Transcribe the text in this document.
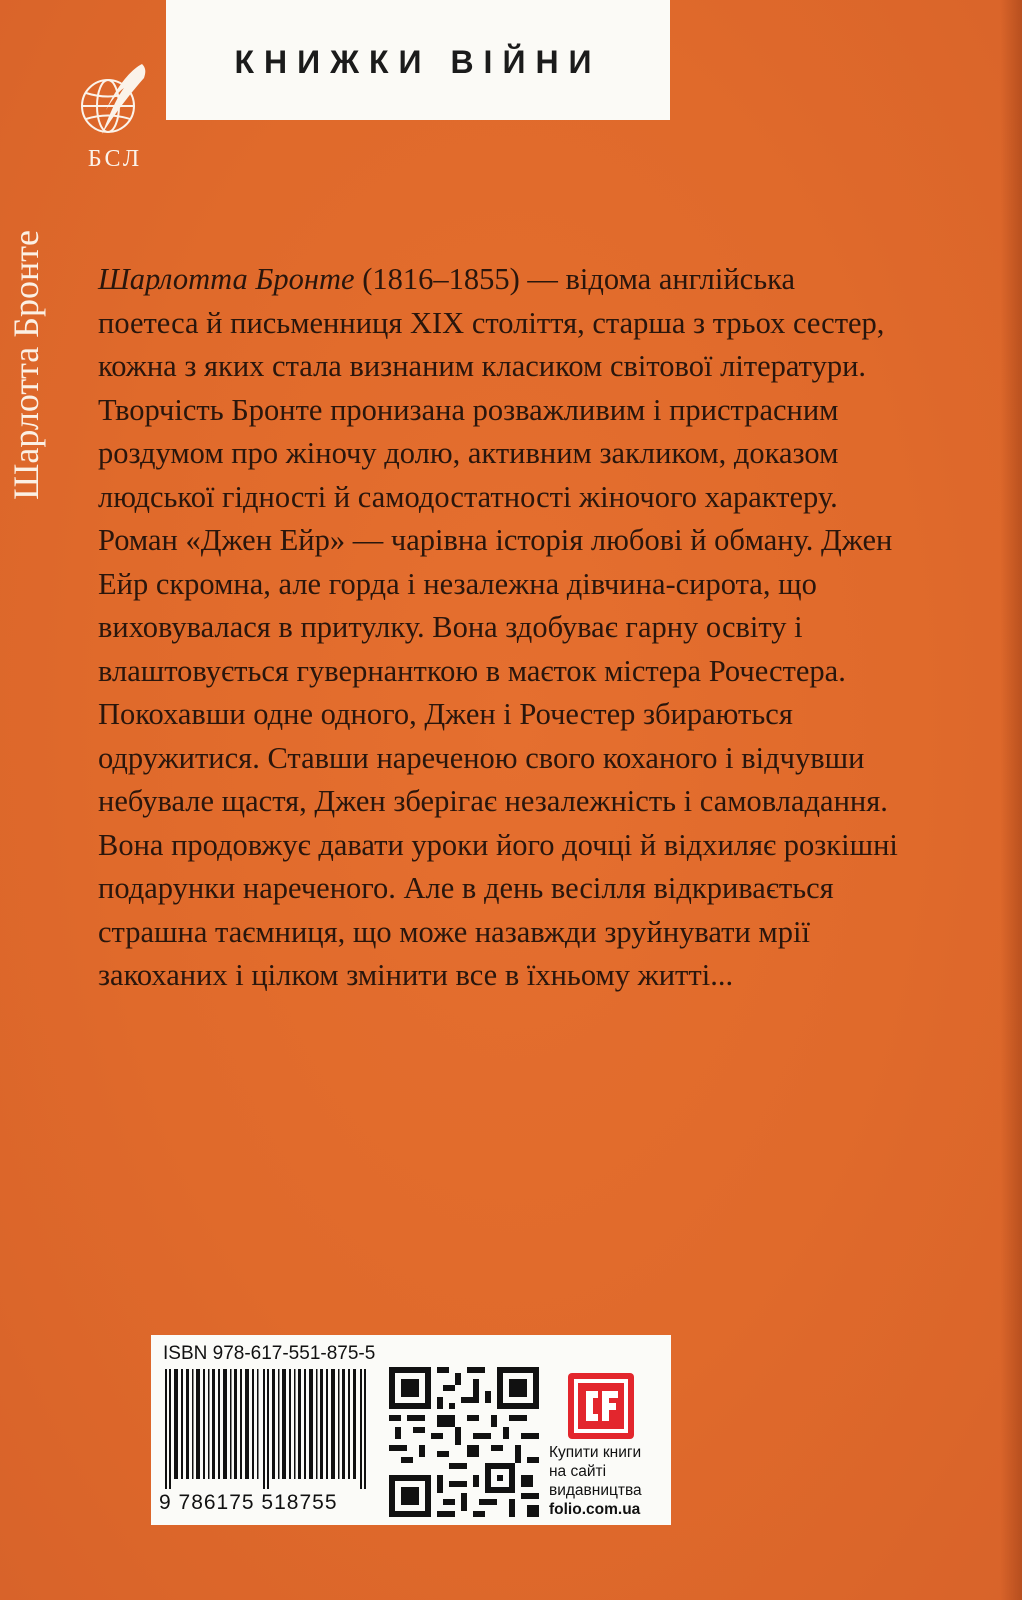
КНИЖКИ ВІЙНИ
БСЛ
Шарлотта Бронте Шарлотта Бронте (1816–1855) — відома англійська поетеса й письменниця XIX століття, старша з трьох сестер, кожна з яких стала визнаним класиком світової літератури. Творчість Бронте пронизана розважливим і пристрасним роздумом про жіночу долю, активним закликом, доказом людської гідності й самодостатності жіночого характеру.

Роман «Джен Ейр» — чарівна історія любові й обману. Джен Ейр скромна, але горда і незалежна дівчина-сирота, що виховувалася в притулку. Вона здобуває гарну освіту і влаштовується гувернанткою в маєток містера Рочестера. Покохавши одне одного, Джен і Рочестер збираються одружитися. Ставши нареченою свого коханого і відчувши небувале щастя, Джен зберігає незалежність і самовладання. Вона продовжує давати уроки його дочці й відхиляє розкішні подарунки нареченого. Але в день весілля відкривається страшна таємниця, що може назавжди зруйнувати мрії закоханих і цілком змінити все в їхньому житті...

ISBN 978-617-551-875-5
9 786175 518755
Купити книги
на сайті
видавництва
folio.com.ua
